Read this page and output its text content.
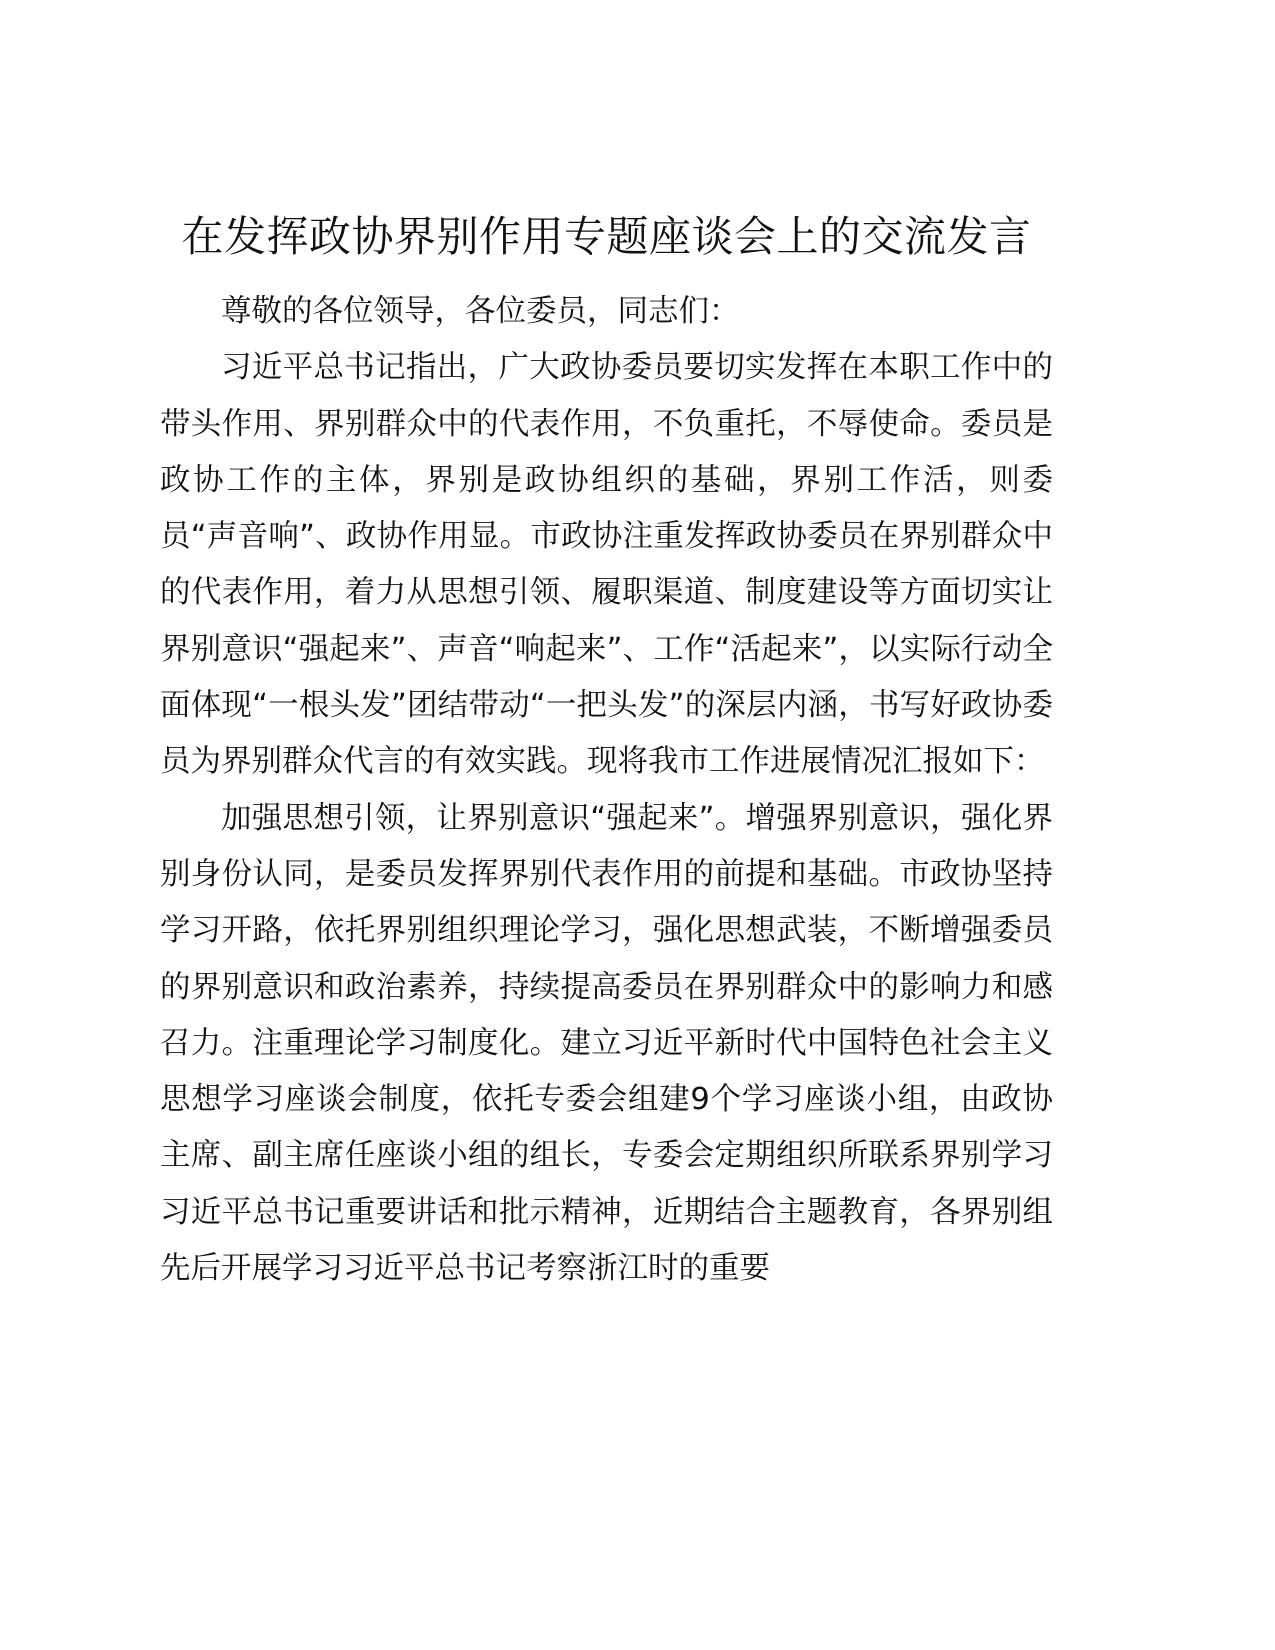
在发挥政协界别作用专题座谈会上的交流发言

尊敬的各位领导，各位委员，同志们：

习近平总书记指出，广大政协委员要切实发挥在本职工作中的带头作用、界别群众中的代表作用，不负重托，不辱使命。委员是政协工作的主体，界别是政协组织的基础，界别工作活，则委员“声音响”、政协作用显。市政协注重发挥政协委员在界别群众中的代表作用，着力从思想引领、履职渠道、制度建设等方面切实让界别意识“强起来”、声音“响起来”、工作“活起来”，以实际行动全面体现“一根头发”团结带动“一把头发”的深层内涵，书写好政协委员为界别群众代言的有效实践。现将我市工作进展情况汇报如下：

加强思想引领，让界别意识“强起来”。增强界别意识，强化界别身份认同，是委员发挥界别代表作用的前提和基础。市政协坚持学习开路，依托界别组织理论学习，强化思想武装，不断增强委员的界别意识和政治素养，持续提高委员在界别群众中的影响力和感召力。注重理论学习制度化。建立习近平新时代中国特色社会主义思想学习座谈会制度，依托专委会组建9个学习座谈小组，由政协主席、副主席任座谈小组的组长，专委会定期组织所联系界别学习习近平总书记重要讲话和批示精神，近期结合主题教育，各界别组先后开展学习习近平总书记考察浙江时的重要
